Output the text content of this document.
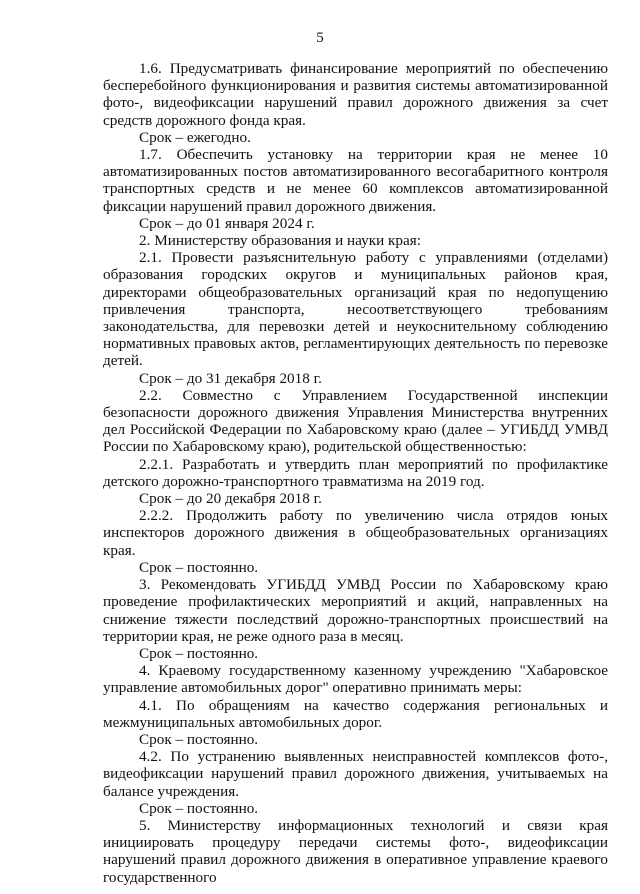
5

1.6. Предусматривать финансирование мероприятий по обеспечению бесперебойного функционирования и развития системы автоматизированной фото-, видеофиксации нарушений правил дорожного движения за счет средств дорожного фонда края.

Срок – ежегодно.

1.7. Обеспечить установку на территории края не менее 10 автоматизированных постов автоматизированного весогабаритного контроля транспортных средств и не менее 60 комплексов автоматизированной фиксации нарушений правил дорожного движения.

Срок – до 01 января 2024 г.

2. Министерству образования и науки края:

2.1. Провести разъяснительную работу с управлениями (отделами) образования городских округов и муниципальных районов края, директорами общеобразовательных организаций края по недопущению привлечения транспорта, несоответствующего требованиям законодательства, для перевозки детей и неукоснительному соблюдению нормативных правовых актов, регламентирующих деятельность по перевозке детей.

Срок – до 31 декабря 2018 г.

2.2. Совместно с Управлением Государственной инспекции безопасности дорожного движения Управления Министерства внутренних дел Российской Федерации по Хабаровскому краю (далее – УГИБДД УМВД России по Хабаровскому краю), родительской общественностью:

2.2.1. Разработать и утвердить план мероприятий по профилактике детского дорожно-транспортного травматизма на 2019 год.

Срок – до 20 декабря 2018 г.

2.2.2. Продолжить работу по увеличению числа отрядов юных инспекторов дорожного движения в общеобразовательных организациях края.

Срок – постоянно.

3. Рекомендовать УГИБДД УМВД России по Хабаровскому краю проведение профилактических мероприятий и акций, направленных на снижение тяжести последствий дорожно-транспортных происшествий на территории края, не реже одного раза в месяц.

Срок – постоянно.

4. Краевому государственному казенному учреждению "Хабаровское управление автомобильных дорог" оперативно принимать меры:

4.1. По обращениям на качество содержания региональных и межмуниципальных автомобильных дорог.

Срок – постоянно.

4.2. По устранению выявленных неисправностей комплексов фото-, видеофиксации нарушений правил дорожного движения, учитываемых на балансе учреждения.

Срок – постоянно.

5. Министерству информационных технологий и связи края инициировать процедуру передачи системы фото-, видеофиксации нарушений правил дорожного движения в оперативное управление краевого государственного
